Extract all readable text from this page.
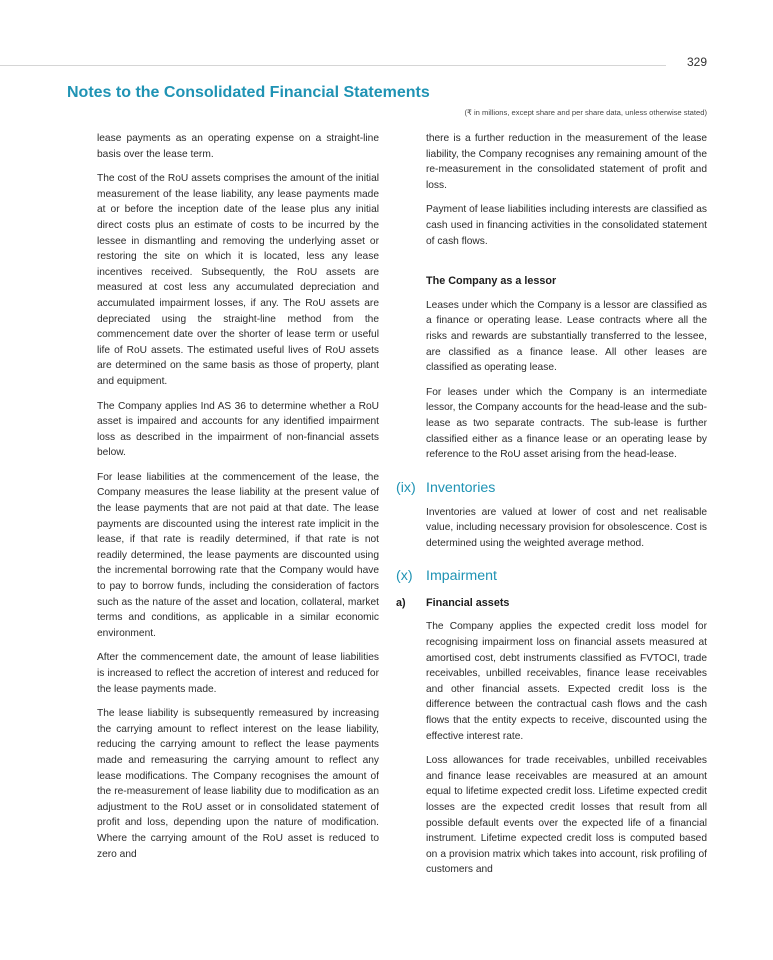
329
Notes to the Consolidated Financial Statements
(₹ in millions, except share and per share data, unless otherwise stated)

lease payments as an operating expense on a straight-line basis over the lease term.

The cost of the RoU assets comprises the amount of the initial measurement of the lease liability, any lease payments made at or before the inception date of the lease plus any initial direct costs plus an estimate of costs to be incurred by the lessee in dismantling and removing the underlying asset or restoring the site on which it is located, less any lease incentives received. Subsequently, the RoU assets are measured at cost less any accumulated depreciation and accumulated impairment losses, if any. The RoU assets are depreciated using the straight-line method from the commencement date over the shorter of lease term or useful life of RoU assets. The estimated useful lives of RoU assets are determined on the same basis as those of property, plant and equipment.

The Company applies Ind AS 36 to determine whether a RoU asset is impaired and accounts for any identified impairment loss as described in the impairment of non-financial assets below.

For lease liabilities at the commencement of the lease, the Company measures the lease liability at the present value of the lease payments that are not paid at that date. The lease payments are discounted using the interest rate implicit in the lease, if that rate is readily determined, if that rate is not readily determined, the lease payments are discounted using the incremental borrowing rate that the Company would have to pay to borrow funds, including the consideration of factors such as the nature of the asset and location, collateral, market terms and conditions, as applicable in a similar economic environment.

After the commencement date, the amount of lease liabilities is increased to reflect the accretion of interest and reduced for the lease payments made.

The lease liability is subsequently remeasured by increasing the carrying amount to reflect interest on the lease liability, reducing the carrying amount to reflect the lease payments made and remeasuring the carrying amount to reflect any lease modifications. The Company recognises the amount of the re-measurement of lease liability due to modification as an adjustment to the RoU asset or in consolidated statement of profit and loss, depending upon the nature of modification. Where the carrying amount of the RoU asset is reduced to zero and

there is a further reduction in the measurement of the lease liability, the Company recognises any remaining amount of the re-measurement in the consolidated statement of profit and loss.

Payment of lease liabilities including interests are classified as cash used in financing activities in the consolidated statement of cash flows.

The Company as a lessor

Leases under which the Company is a lessor are classified as a finance or operating lease. Lease contracts where all the risks and rewards are substantially transferred to the lessee, are classified as a finance lease. All other leases are classified as operating lease.

For leases under which the Company is an intermediate lessor, the Company accounts for the head-lease and the sub-lease as two separate contracts. The sub-lease is further classified either as a finance lease or an operating lease by reference to the RoU asset arising from the head-lease.

(ix) Inventories

Inventories are valued at lower of cost and net realisable value, including necessary provision for obsolescence. Cost is determined using the weighted average method.

(x) Impairment
a) Financial assets

The Company applies the expected credit loss model for recognising impairment loss on financial assets measured at amortised cost, debt instruments classified as FVTOCI, trade receivables, unbilled receivables, finance lease receivables and other financial assets. Expected credit loss is the difference between the contractual cash flows and the cash flows that the entity expects to receive, discounted using the effective interest rate.

Loss allowances for trade receivables, unbilled receivables and finance lease receivables are measured at an amount equal to lifetime expected credit loss. Lifetime expected credit losses are the expected credit losses that result from all possible default events over the expected life of a financial instrument. Lifetime expected credit loss is computed based on a provision matrix which takes into account, risk profiling of customers and
